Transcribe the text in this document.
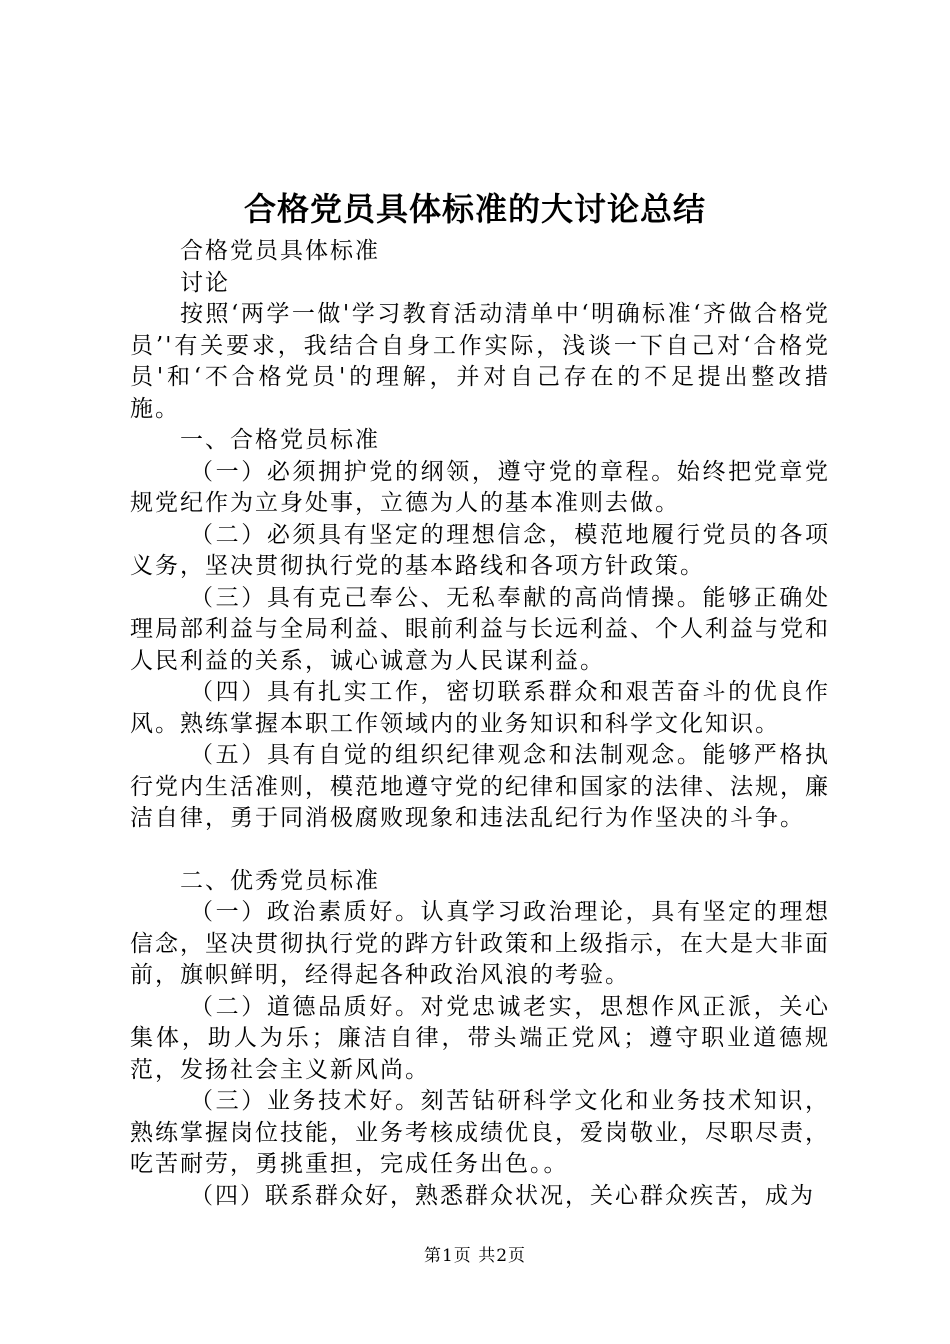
合格党员具体标准的大讨论总结

合格党员具体标准

讨论

按照‘两学一做'学习教育活动清单中‘明确标准‘齐做合格党员’'有关要求，我结合自身工作实际，浅谈一下自己对‘合格党员'和‘不合格党员'的理解，并对自己存在的不足提出整改措施。

一、合格党员标准

（一）必须拥护党的纲领，遵守党的章程。始终把党章党规党纪作为立身处事，立德为人的基本准则去做。

（二）必须具有坚定的理想信念，模范地履行党员的各项义务，坚决贯彻执行党的基本路线和各项方针政策。

（三）具有克己奉公、无私奉献的高尚情操。能够正确处理局部利益与全局利益、眼前利益与长远利益、个人利益与党和人民利益的关系，诚心诚意为人民谋利益。

（四）具有扎实工作，密切联系群众和艰苦奋斗的优良作风。熟练掌握本职工作领域内的业务知识和科学文化知识。

（五）具有自觉的组织纪律观念和法制观念。能够严格执行党内生活准则，模范地遵守党的纪律和国家的法律、法规，廉洁自律，勇于同消极腐败现象和违法乱纪行为作坚决的斗争。

二、优秀党员标准

（一）政治素质好。认真学习政治理论，具有坚定的理想信念，坚决贯彻执行党的跸方针政策和上级指示，在大是大非面前，旗帜鲜明，经得起各种政治风浪的考验。

（二）道德品质好。对党忠诚老实，思想作风正派，关心集体，助人为乐；廉洁自律，带头端正党风；遵守职业道德规范，发扬社会主义新风尚。

（三）业务技术好。刻苦钻研科学文化和业务技术知识，熟练掌握岗位技能，业务考核成绩优良，爱岗敬业，尽职尽责，吃苦耐劳，勇挑重担，完成任务出色。。

（四）联系群众好，熟悉群众状况，关心群众疾苦，成为

第1页 共2页
